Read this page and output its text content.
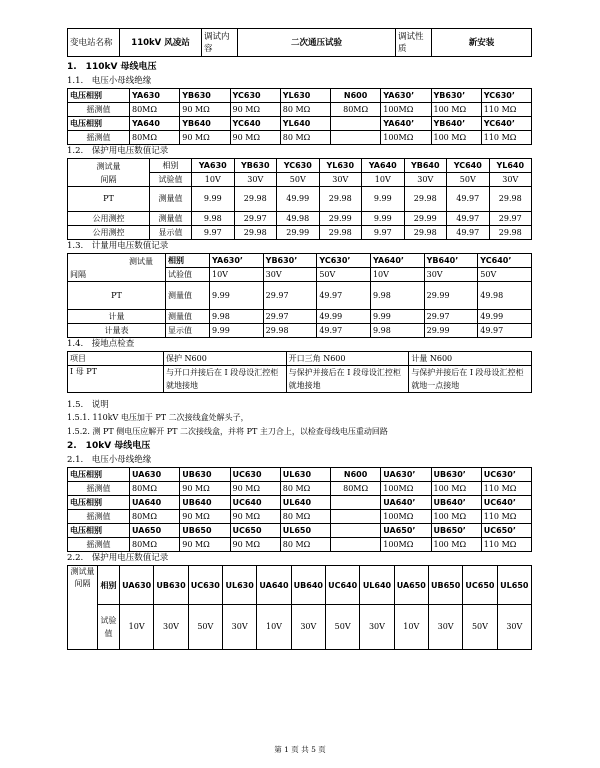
变电站名称	110kV 风凌站	调试内容	二次通压试验	调试性质	新安装
1.　110kV 母线电压
1.1.　电压小母线绝缘
电压相别	YA630	YB630	YC630	YL630	N600	YA630’	YB630’	YC630’
摇测值	80MΩ	90 MΩ	90 MΩ	80 MΩ	80MΩ	100MΩ	100 MΩ	110 MΩ
电压相别	YA640	YB640	YC640	YL640		YA640’	YB640’	YC640’
摇测值	80MΩ	90 MΩ	90 MΩ	80 MΩ		100MΩ	100 MΩ	110 MΩ
1.2.　保护用电压数值记录
测试量
间隔	相别	YA630	YB630	YC630	YL630	YA640	YB640	YC640	YL640
	试验值	10V	30V	50V	30V	10V	30V	50V	30V
PT	测量值	9.99	29.98	49.99	29.98	9.99	29.98	49.97	29.98
公用测控	测量值	9.98	29.97	49.98	29.99	9.99	29.99	49.97	29.97
公用测控	显示值	9.97	29.98	29.99	29.98	9.97	29.98	49.97	29.98
1.3.　计量用电压数值记录
测试量
间隔	相别	YA630’	YB630’	YC630’	YA640’	YB640’	YC640’
	试验值	10V	30V	50V	10V	30V	50V
PT	测量值	9.99	29.97	49.97	9.98	29.99	49.98
计量	测量值	9.98	29.97	49.99	9.99	29.97	49.99
计量表	显示值	9.99	29.98	49.97	9.98	29.99	49.97
1.4.　接地点检查
项目	保护 N600	开口三角 N600	计量 N600
I 母 PT	与开口并接后在 I 段母设汇控柜就地接地	与保护并接后在 I 段母设汇控柜就地接地	与保护并接后在 I 段母设汇控柜就地一点接地
1.5.　说明
1.5.1. 110kV 电压加于 PT 二次接线盒处解头子，
1.5.2. 测 PT 侧电压应解开 PT 二次接线盒，并将 PT 主刀合上，以检查母线电压重动回路
2.　10kV 母线电压
2.1.　电压小母线绝缘
电压相别	UA630	UB630	UC630	UL630	N600	UA630’	UB630’	UC630’
摇测值	80MΩ	90 MΩ	90 MΩ	80 MΩ	80MΩ	100MΩ	100 MΩ	110 MΩ
电压相别	UA640	UB640	UC640	UL640		UA640’	UB640’	UC640’
摇测值	80MΩ	90 MΩ	90 MΩ	80 MΩ		100MΩ	100 MΩ	110 MΩ
电压相别	UA650	UB650	UC650	UL650		UA650’	UB650’	UC650’
摇测值	80MΩ	90 MΩ	90 MΩ	80 MΩ		100MΩ	100 MΩ	110 MΩ
2.2.　保护用电压数值记录
测试量间隔	相别	UA630	UB630	UC630	UL630	UA640	UB640	UC640	UL640	UA650	UB650	UC650	UL650
	试验值	10V	30V	50V	30V	10V	30V	50V	30V	10V	30V	50V	30V
第 1 页 共 5 页
